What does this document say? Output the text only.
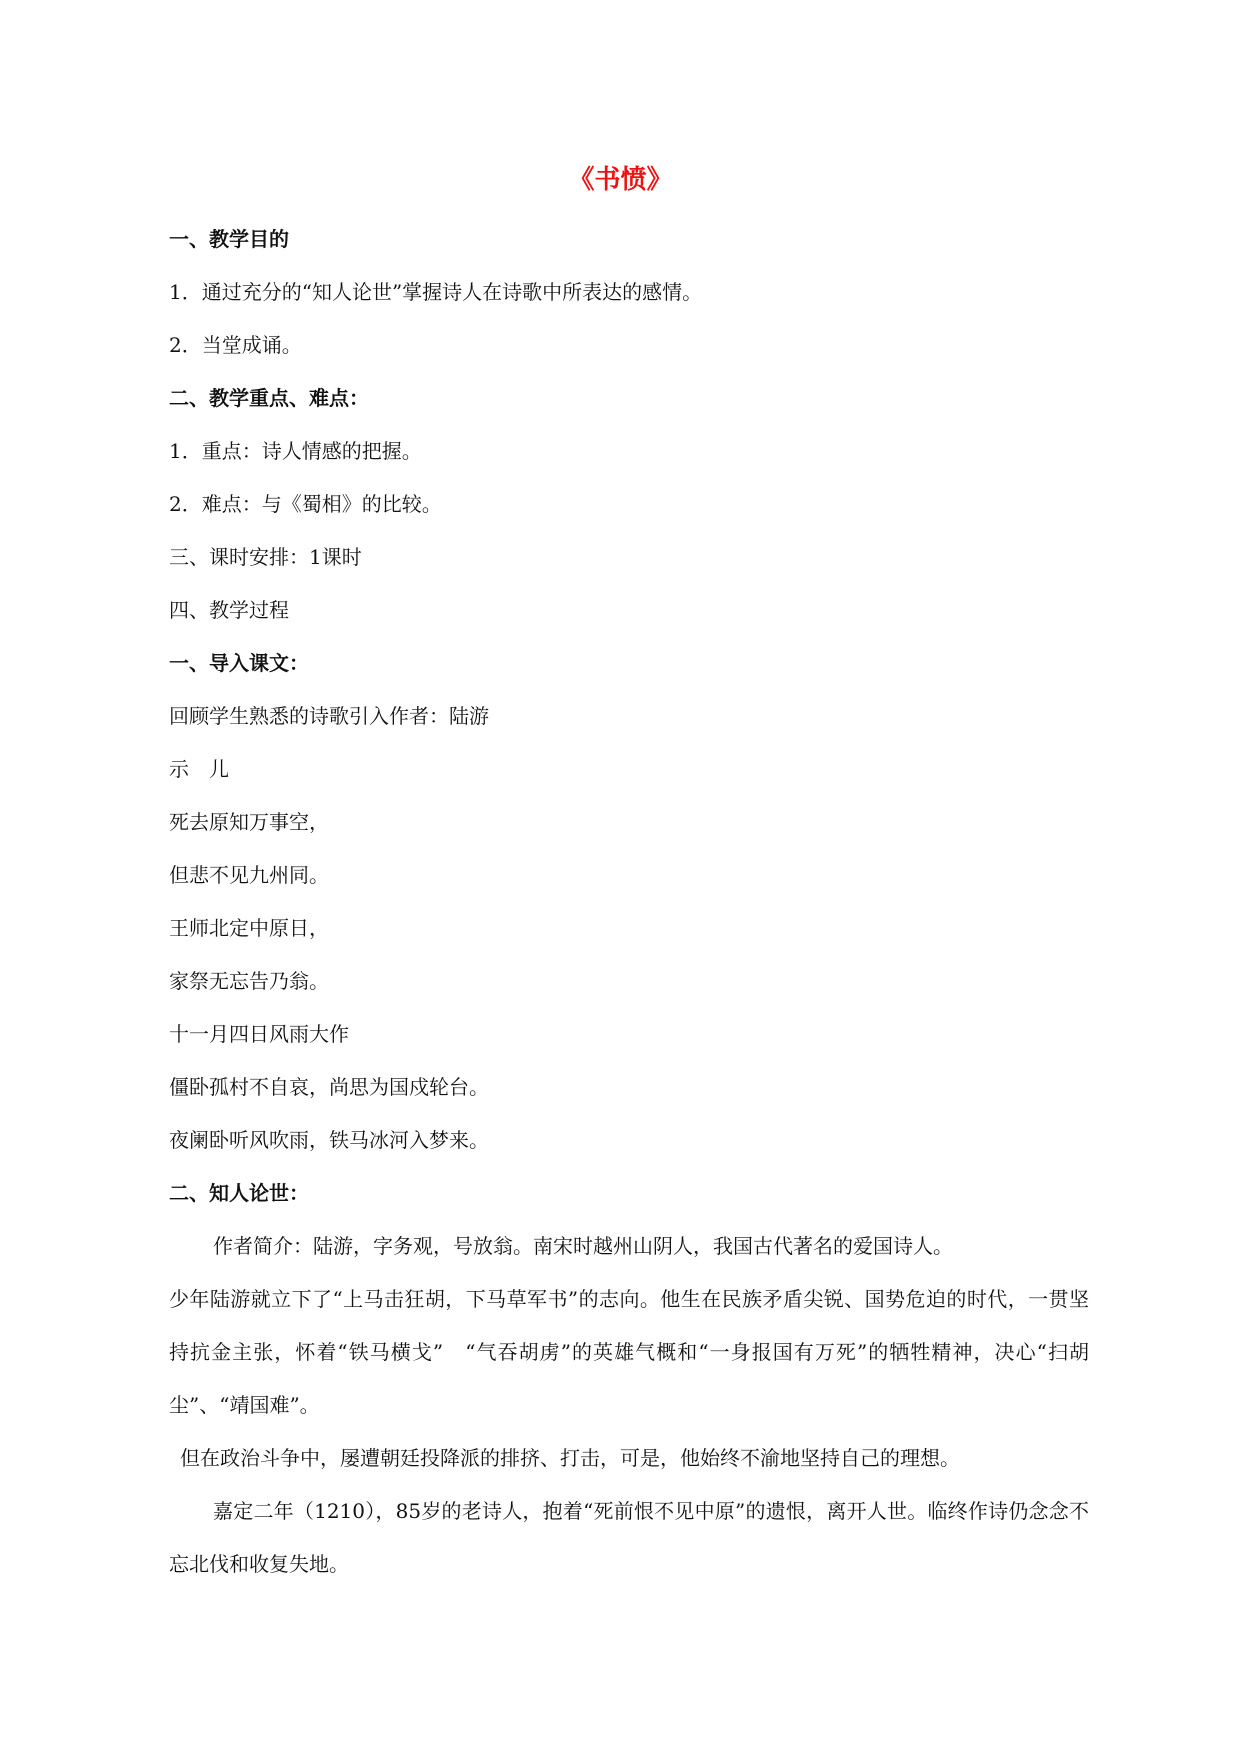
《书愤》
一、教学目的
1．通过充分的“知人论世”掌握诗人在诗歌中所表达的感情。
2．当堂成诵。
二、教学重点、难点：
1．重点：诗人情感的把握。
2．难点：与《蜀相》的比较。
三、课时安排：1课时
四、教学过程
一、导入课文：
回顾学生熟悉的诗歌引入作者：陆游
示　儿
死去原知万事空，
但悲不见九州同。
王师北定中原日，
家祭无忘告乃翁。
十一月四日风雨大作
僵卧孤村不自哀，尚思为国戍轮台。
夜阑卧听风吹雨，铁马冰河入梦来。
二、知人论世：
作者简介：陆游，字务观，号放翁。南宋时越州山阴人，我国古代著名的爱国诗人。
少年陆游就立下了“上马击狂胡，下马草军书”的志向。他生在民族矛盾尖锐、国势危迫的时代，一贯坚持抗金主张，怀着“铁马横戈”　“气吞胡虏”的英雄气概和“一身报国有万死”的牺牲精神，决心“扫胡尘”、“靖国难”。
但在政治斗争中，屡遭朝廷投降派的排挤、打击，可是，他始终不渝地坚持自己的理想。
嘉定二年（1210），85岁的老诗人，抱着“死前恨不见中原”的遗恨，离开人世。临终作诗仍念念不忘北伐和收复失地。
